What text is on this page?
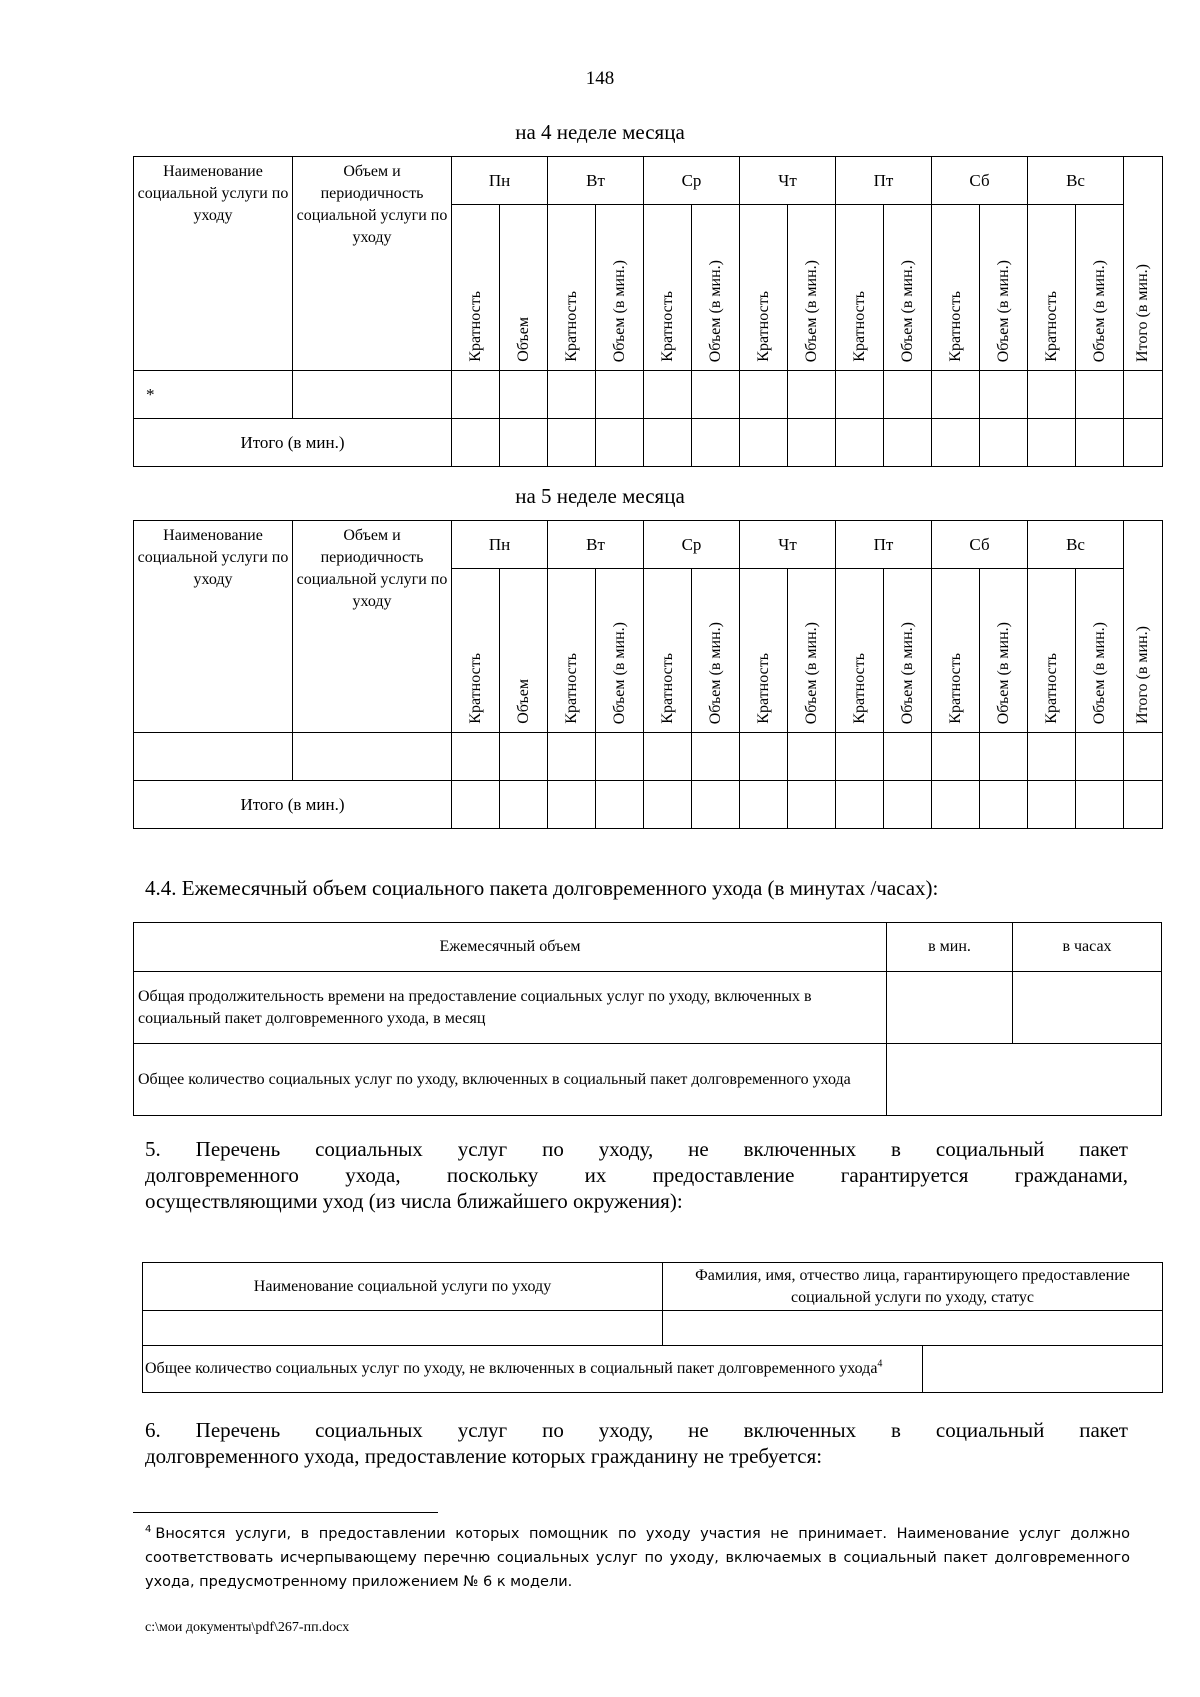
148
на 4 неделе месяца
Наименование социальной услуги по уходу	Объем и периодичность социальной услуги по уходу	Пн		Вт		Ср		Чт		Пт		Сб		Вс		Итого (в мин.)

		Кратность	Объем	Кратность	Объем (в мин.)	Кратность	Объем (в мин.)	Кратность	Объем (в мин.)	Кратность	Объем (в мин.)	Кратность	Объем (в мин.)	Кратность	Объем (в мин.)	

*																
Итого (в мин.)																
на 5 неделе месяца
Наименование социальной услуги по уходу	Объем и периодичность социальной услуги по уходу	Пн		Вт		Ср		Чт		Пт		Сб		Вс		Итого (в мин.)

		Кратность	Объем	Кратность	Объем (в мин.)	Кратность	Объем (в мин.)	Кратность	Объем (в мин.)	Кратность	Объем (в мин.)	Кратность	Объем (в мин.)	Кратность	Объем (в мин.)	

Итого (в мин.)																
4.4. Ежемесячный объем социального пакета долговременного ухода (в минутах /часах):
Ежемесячный объем	в мин.	в часах
Общая продолжительность времени на предоставление социальных услуг по уходу, включенных в социальный пакет долговременного ухода, в месяц		
Общее количество социальных услуг по уходу, включенных в социальный пакет долговременного ухода		
5. Перечень социальных услуг по уходу, не включенных в социальный пакет
долговременного ухода, поскольку их предоставление гарантируется гражданами,
осуществляющими уход (из числа ближайшего окружения):
Наименование социальной услуги по уходу	Фамилия, имя, отчество лица, гарантирующего предоставление социальной услуги по уходу, статус	

Общее количество социальных услуг по уходу, не включенных в социальный пакет долговременного ухода$^4$	
6. Перечень социальных услуг по уходу, не включенных в социальный пакет
долговременного ухода, предоставление которых гражданину не требуется:
$^4$ Вносятся услуги, в предоставлении которых помощник по уходу участия не принимает. Наименование услуг должно соответствовать исчерпывающему перечню социальных услуг по уходу, включаемых в социальный пакет долговременного ухода, предусмотренному приложением № 6 к модели.
c:\мои документы\pdf\267-пп.docx
